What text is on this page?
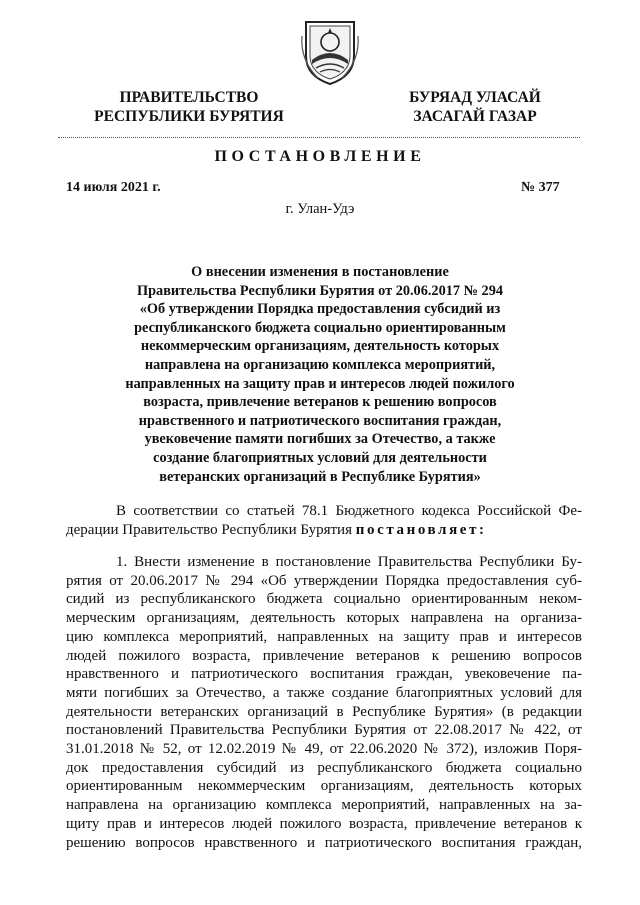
ПРАВИТЕЛЬСТВО
РЕСПУБЛИКИ БУРЯТИЯ
БУРЯАД УЛАСАЙ
ЗАСАГАЙ ГАЗАР
ПОСТАНОВЛЕНИЕ
14 июля 2021 г.	№ 377
г. Улан-Удэ
О внесении изменения в постановление
Правительства Республики Бурятия от 20.06.2017 № 294
«Об утверждении Порядка предоставления субсидий из
республиканского бюджета социально ориентированным
некоммерческим организациям, деятельность которых
направлена на организацию комплекса мероприятий,
направленных на защиту прав и интересов людей пожилого
возраста, привлечение ветеранов к решению вопросов
нравственного и патриотического воспитания граждан,
увековечение памяти погибших за Отечество, а также
создание благоприятных условий для деятельности
ветеранских организаций в Республике Бурятия»
В соответствии со статьей 78.1 Бюджетного кодекса Российской Фе-
дерации Правительство Республики Бурятия постановляет:
1. Внести изменение в постановление Правительства Республики Бу-
рятия от 20.06.2017 № 294 «Об утверждении Порядка предоставления суб-
сидий из республиканского бюджета социально ориентированным неком-
мерческим организациям, деятельность которых направлена на организа-
цию комплекса мероприятий, направленных на защиту прав и интересов
людей пожилого возраста, привлечение ветеранов к решению вопросов
нравственного и патриотического воспитания граждан, увековечение па-
мяти погибших за Отечество, а также создание благоприятных условий для
деятельности ветеранских организаций в Республике Бурятия» (в редакции
постановлений Правительства Республики Бурятия от 22.08.2017 № 422, от
31.01.2018 № 52, от 12.02.2019 № 49, от 22.06.2020 № 372), изложив Поря-
док предоставления субсидий из республиканского бюджета социально
ориентированным некоммерческим организациям, деятельность которых
направлена на организацию комплекса мероприятий, направленных на за-
щиту прав и интересов людей пожилого возраста, привлечение ветеранов к
решению вопросов нравственного и патриотического воспитания граждан,
